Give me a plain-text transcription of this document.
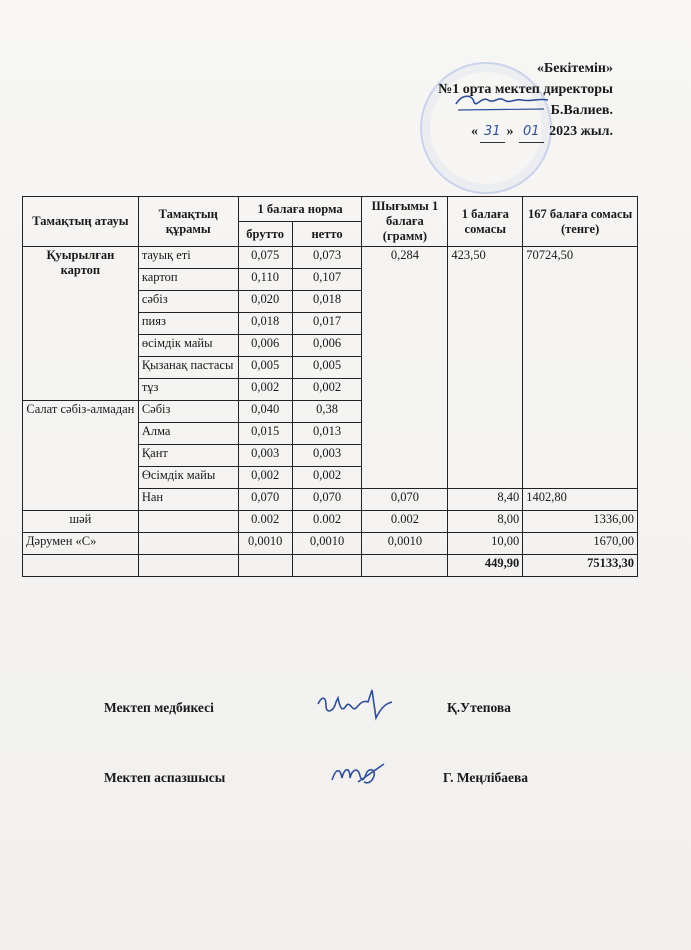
«Бекітемін»
№1 орта мектеп директоры
Б.Валиев.
« 31 » 01 2023 жыл.
Тамақтың атауы	Тамақтың құрамы	1 балаға норма		Шығымы 1 балаға (грамм)	1 балаға сомасы	167 балаға сомасы (тенге)
		брутто	нетто			
Қуырылған картоп	тауық еті	0,075	0,073	0,284	423,50	70724,50
	картоп	0,110	0,107			
	сәбіз	0,020	0,018			
	пияз	0,018	0,017			
	өсімдік майы	0,006	0,006			
	Қызанақ пастасы	0,005	0,005			
	тұз	0,002	0,002			
Салат сәбіз-алмадан	Сәбіз	0,040	0,38			
	Алма	0,015	0,013			
	Қант	0,003	0,003			
	Өсімдік майы	0,002	0,002			
	Нан	0,070	0,070	0,070	8,40	1402,80
шәй		0.002	0.002	0.002	8,00	1336,00
Дәрумен «С»		0,0010	0,0010	0,0010	10,00	1670,00
					449,90	75133,30
Мектеп медбикесі	Қ.Утепова
Мектеп аспазшысы	Г. Меңлібаева
